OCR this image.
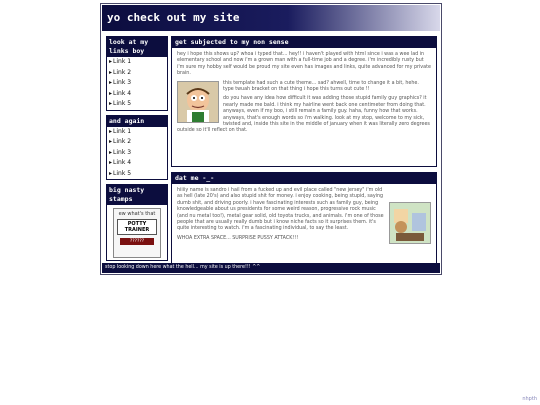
yo check out my site
look at my links boy
▸Link 1
▸Link 2
▸Link 3
▸Link 4
▸Link 5
and again
▸Link 1
▸Link 2
▸Link 3
▸Link 4
▸Link 5
big nasty stamps
ew what's that
POTTY TRAINER
??????
get subjected to my non sense

hey i hope this shows up? whoa i typed that... hey!! i haven't played with html since i was a wee lad in elementary school and now i'm a grown man with a full-time job and a degree. i'm incredibly rusty but i'm sure my hobby self would be proud my site even has images and links, quite advanced for my private brain.

this template had such a cute theme... sad? ahwell, time to change it a bit, hehe. type twuah bracket on that thing i hope this turns out cute !!

do you have any idea how difficult it was adding those stupid family guy graphics? it nearly made me bald. i think my hairline went back one centimeter from doing that. anyways, even if my boo, i still remain a family guy. haha, funny how that works. anyways, that's enough words so i'm walking. look at my stop, welcome to my sick, twisted and, inside this site in the middle of january when it was literally zero degrees outside so it'll reflect on that.

dat me -_-

hiiiiy name is sandro i hail from a fucked up and evil place called "new jersey" i'm old as hell (late 20's) and also stupid shit for money. i enjoy cooking, being stupid, saying dumb shit, and driving poorly. i have fascinating interests such as family guy, being knowledgeable about us presidents for some weird reason, progressive rock music (and nu metal too!), metal gear solid, old toyota trucks, and animals. i'm one of those people that are usually really dumb but i know niche facts so it surprises them. it's quite interesting to watch. i'm a fascinating individual, to say the least.

WHOA EXTRA SPACE... SURPRISE PUSSY ATTACK!!!

stop looking down here what the hell... my site is up there!!! ^^
nhpth
